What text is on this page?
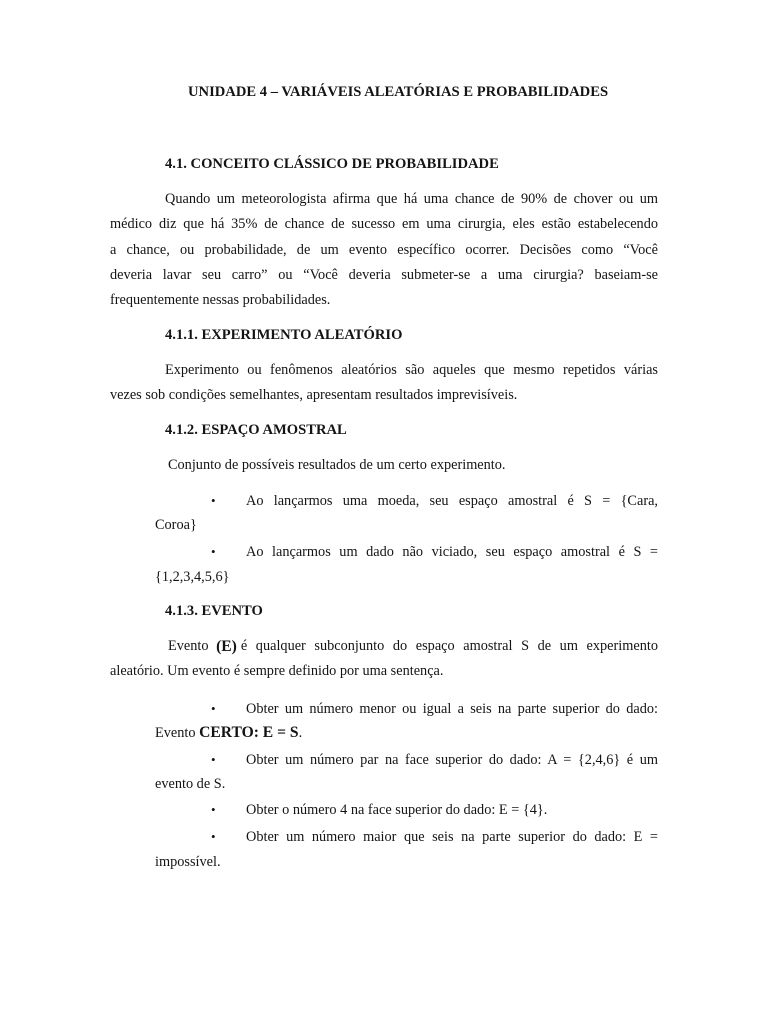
UNIDADE 4 – VARIÁVEIS ALEATÓRIAS E PROBABILIDADES
4.1. CONCEITO CLÁSSICO DE PROBABILIDADE
Quando um meteorologista afirma que há uma chance de 90% de chover ou um
médico diz que há 35% de chance de sucesso em uma cirurgia, eles estão estabelecendo
a chance, ou probabilidade, de um evento específico ocorrer. Decisões como “Você
deveria lavar seu carro” ou “Você deveria submeter-se a uma cirurgia? baseiam-se
frequentemente nessas probabilidades.
4.1.1. EXPERIMENTO ALEATÓRIO
Experimento ou fenômenos aleatórios são aqueles que mesmo repetidos várias
vezes sob condições semelhantes, apresentam resultados imprevisíveis.
4.1.2. ESPAÇO AMOSTRAL
Conjunto de possíveis resultados de um certo experimento.
• Ao lançarmos uma moeda, seu espaço amostral é S = {Cara,
Coroa}
• Ao lançarmos um dado não viciado, seu espaço amostral é S =
{1,2,3,4,5,6}
4.1.3. EVENTO
Evento (E) é qualquer subconjunto do espaço amostral S de um experimento
aleatório. Um evento é sempre definido por uma sentença.
• Obter um número menor ou igual a seis na parte superior do dado:
Evento CERTO: E = S.
• Obter um número par na face superior do dado: A = {2,4,6} é um
evento de S.
• Obter o número 4 na face superior do dado: E = {4}.
• Obter um número maior que seis na parte superior do dado: E =
impossível.
